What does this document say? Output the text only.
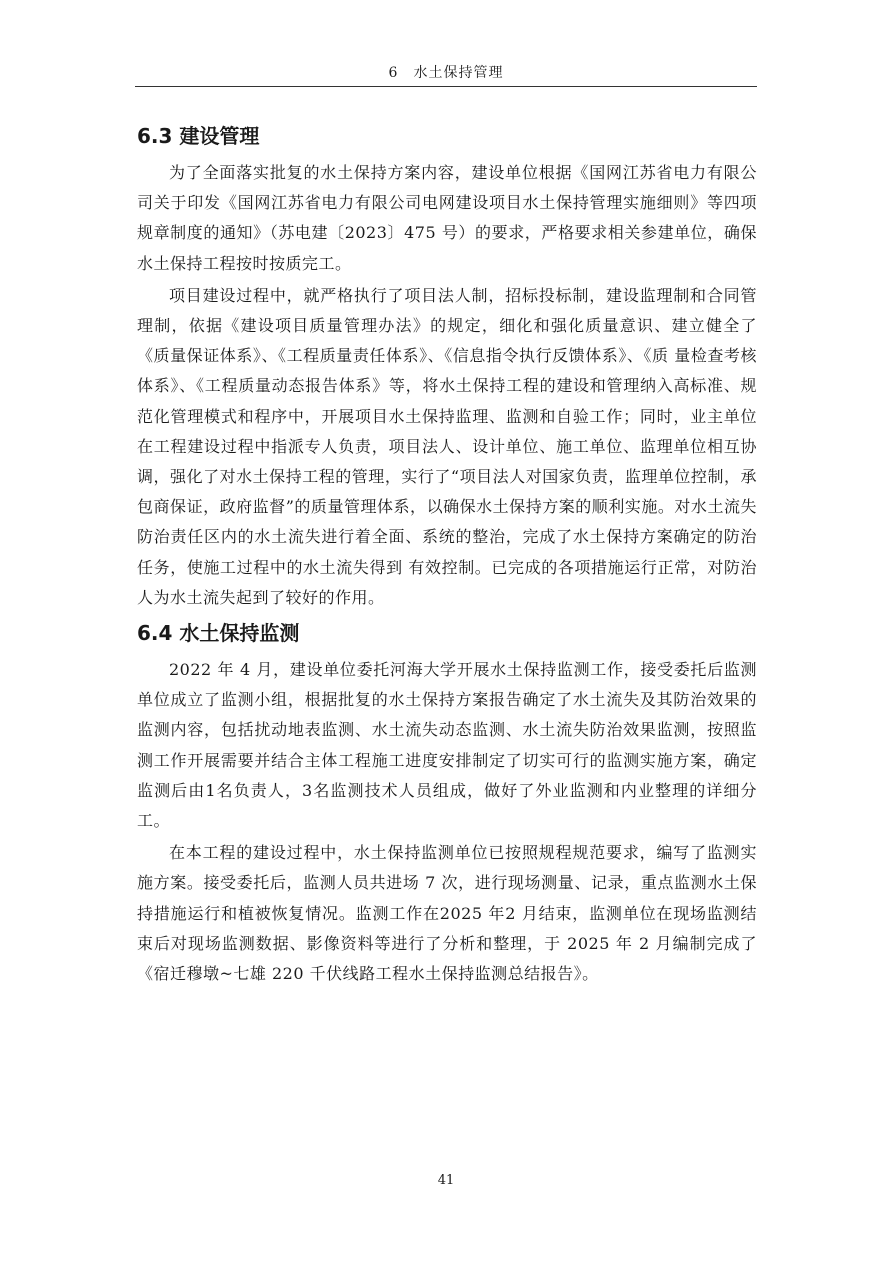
6　水土保持管理
6.3 建设管理

为了全面落实批复的水土保持方案内容，建设单位根据《国网江苏省电力有限公司关于印发《国网江苏省电力有限公司电网建设项目水土保持管理实施细则》等四项规章制度的通知》（苏电建〔2023〕475 号）的要求，严格要求相关参建单位，确保水土保持工程按时按质完工。

项目建设过程中，就严格执行了项目法人制，招标投标制，建设监理制和合同管理制，依据《建设项目质量管理办法》的规定，细化和强化质量意识、建立健全了《质量保证体系》、《工程质量责任体系》、《信息指令执行反馈体系》、《质 量检查考核体系》、《工程质量动态报告体系》等，将水土保持工程的建设和管理纳入高标准、规范化管理模式和程序中，开展项目水土保持监理、监测和自验工作；同时，业主单位在工程建设过程中指派专人负责，项目法人、设计单位、施工单位、监理单位相互协调，强化了对水土保持工程的管理，实行了“项目法人对国家负责，监理单位控制，承包商保证，政府监督”的质量管理体系，以确保水土保持方案的顺利实施。对水土流失防治责任区内的水土流失进行着全面、系统的整治，完成了水土保持方案确定的防治任务，使施工过程中的水土流失得到 有效控制。已完成的各项措施运行正常，对防治人为水土流失起到了较好的作用。

6.4 水土保持监测

2022 年 4 月，建设单位委托河海大学开展水土保持监测工作，接受委托后监测单位成立了监测小组，根据批复的水土保持方案报告确定了水土流失及其防治效果的监测内容，包括扰动地表监测、水土流失动态监测、水土流失防治效果监测，按照监测工作开展需要并结合主体工程施工进度安排制定了切实可行的监测实施方案，确定监测后由1名负责人，3名监测技术人员组成，做好了外业监测和内业整理的详细分工。

在本工程的建设过程中，水土保持监测单位已按照规程规范要求，编写了监测实施方案。接受委托后，监测人员共进场 7 次，进行现场测量、记录，重点监测水土保持措施运行和植被恢复情况。监测工作在2025 年2 月结束，监测单位在现场监测结束后对现场监测数据、影像资料等进行了分析和整理，于 2025 年 2 月编制完成了《宿迁穆墩~七雄 220 千伏线路工程水土保持监测总结报告》。

41
